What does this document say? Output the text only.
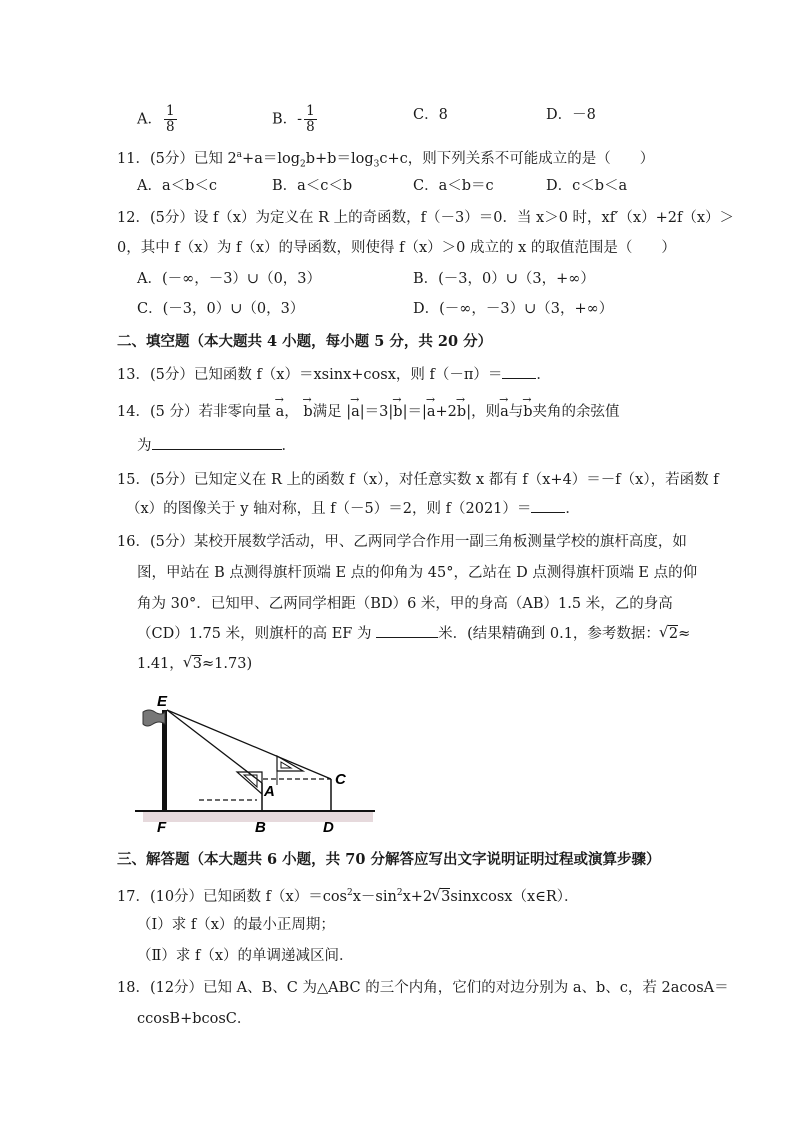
A． $\frac{1}{8}$	B．- $\frac{1}{8}$	C．8	D．－8
11．(5分）已知 $2^a+a=\log_2b+b=\log_3c+c$，则下列关系不可能成立的是（　　）
A．a＜b＜c	B．a＜c＜b	C．a＜b＝c	D．c＜b＜a
12．(5分）设 f（x）为定义在 R 上的奇函数，f（－3）＝0．当 x＞0 时，xf′（x）+2f（x）＞
0，其中 f（x）为 f（x）的导函数，则使得 f（x）＞0 成立的 x 的取值范围是（　　）
A．(－∞，－3）∪（0，3）	B．(－3，0）∪（3，+∞）
C．(－3，0）∪（0，3）	D．(－∞，－3）∪（3，+∞）
二、填空题（本大题共 4 小题，每小题 5 分，共 20 分）
13．(5分）已知函数 f（x）＝xsinx+cosx，则 f（－π）＝ ．
14．(5 分）若非零向量 → a， → b满足 |→ a|＝3|→ b|＝|→ a+2→ b|，则→ a与→ b夹角的余弦值
为	．
15．(5分）已知定义在 R 上的函数 f（x），对任意实数 x 都有 f（x+4）＝－f（x），若函数 f
（x）的图像关于 y 轴对称，且 f（－5）＝2，则 f（2021）＝ ．
16．(5分）某校开展数学活动，甲、乙两同学合作用一副三角板测量学校的旗杆高度，如
图，甲站在 B 点测得旗杆顶端 E 点的仰角为 45°，乙站在 D 点测得旗杆顶端 E 点的仰
角为 30°．已知甲、乙两同学相距（BD）6 米，甲的身高（AB）1.5 米，乙的身高
（CD）1.75 米，则旗杆的高 EF 为	米．(结果精确到 0.1，参考数据：√ 2≈
1.41，√ 3≈1.73)
E
F
A
B
C
D
三、解答题（本大题共 6 小题，共 70 分解答应写出文字说明证明过程或演算步骤）
17．(10分）已知函数 $f(x)=\cos^2x-\sin^2x+2√$ 3sinxcosx（x∈R）．
（Ⅰ）求 f（x）的最小正周期；
（Ⅱ）求 f（x）的单调递减区间．
18．(12分）已知 A、B、C 为△ABC 的三个内角，它们的对边分别为 a、b、c，若 2acosA＝
ccosB+bcosC．
